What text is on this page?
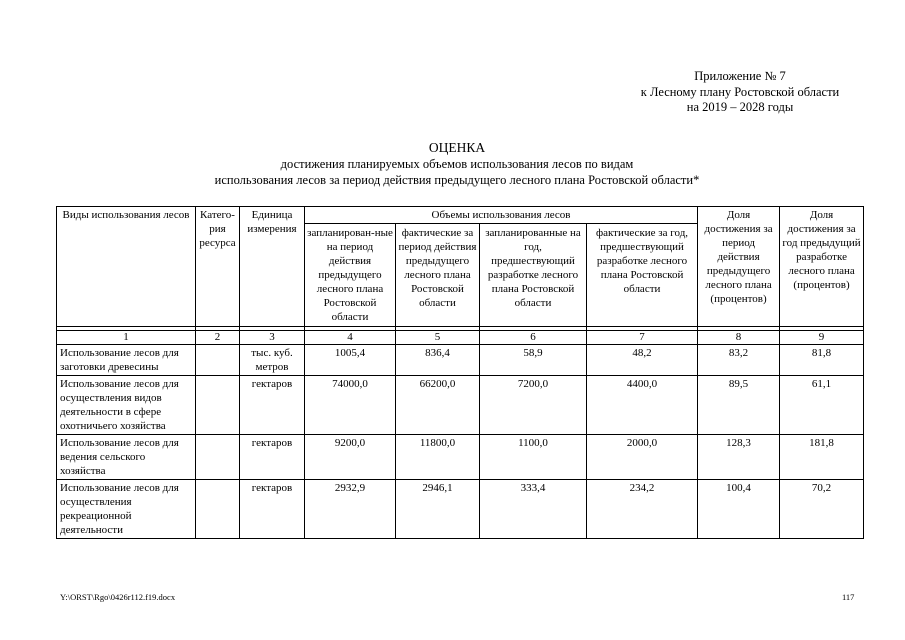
Приложение № 7
к Лесному плану Ростовской области
на 2019 – 2028 годы
ОЦЕНКА
достижения планируемых объемов использования лесов по видам
использования лесов за период действия предыдущего лесного плана Ростовской области*
Виды использования лесов	Катего-рия ресурса	Единица измерения	Объемы использования лесов				Доля достижения за период действия предыдущего лесного плана (процентов)	Доля достижения за год предыдущий разработке лесного плана (процентов)
			запланирован-ные на период действия предыдущего лесного плана Ростовской области	фактические за период действия предыдущего лесного плана Ростовской области	запланированные на год, предшествующий разработке лесного плана Ростовской области	фактические за год, предшествующий разработке лесного плана Ростовской области		

1	2	3	4	5	6	7	8	9
Использование лесов для заготовки древесины		тыс. куб. метров	1005,4	836,4	58,9	48,2	83,2	81,8
Использование лесов для осуществления видов деятельности в сфере охотничьего хозяйства		гектаров	74000,0	66200,0	7200,0	4400,0	89,5	61,1
Использование лесов для ведения сельского хозяйства		гектаров	9200,0	11800,0	1100,0	2000,0	128,3	181,8
Использование лесов для осуществления рекреационной деятельности		гектаров	2932,9	2946,1	333,4	234,2	100,4	70,2
Y:\ORST\Rgo\0426r112.f19.docx	117
